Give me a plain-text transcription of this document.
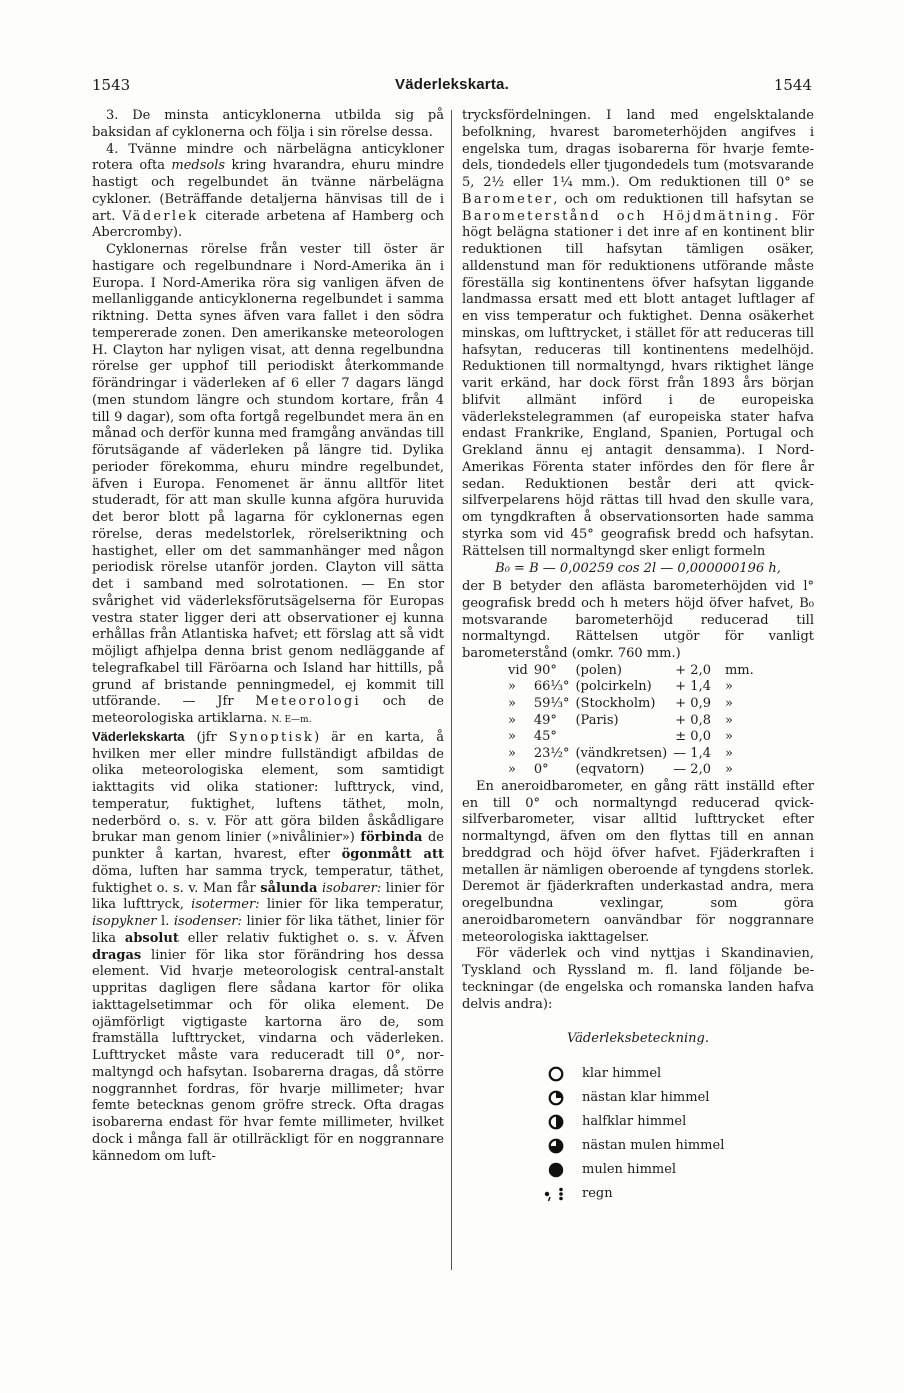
1543	Väderlekskarta.	1544

3. De minsta anticyklonerna utbilda sig på baksidan af cyklonerna och följa i sin rörelse dessa.

4. Tvänne mindre och närbelägna anticykloner rotera ofta medsols kring hvarandra, ehuru mindre hastigt och regelbundet än tvänne närbelägna cykloner. (Beträffande detaljerna hänvisas till de i art. Väderlek citerade arbetena af Hamberg och Abercromby).

Cyklonernas rörelse från vester till öster är hastigare och regelbundnare i Nord-Amerika än i Europa. I Nord-Amerika röra sig vanligen äfven de mellanliggande anticyklonerna regelbundet i samma riktning. Detta synes äfven vara fallet i den södra tempererade zonen. Den amerikanske meteorologen H. Clayton har nyligen visat, att denna regelbundna rörelse ger upphof till periodiskt återkommande förändringar i väderleken af 6 eller 7 dagars längd (men stundom längre och stundom kortare, från 4 till 9 dagar), som ofta fortgå regelbundet mera än en månad och derför kunna med framgång användas till förutsägande af väderleken på längre tid. Dylika perioder förekomma, ehuru mindre regelbundet, äfven i Europa. Fenomenet är ännu alltför litet studeradt, för att man skulle kunna afgöra huruvida det beror blott på lagarna för cyklonernas egen rörelse, deras medelstorlek, rörelseriktning och hastighet, eller om det sammanhänger med någon periodisk rörelse utanför jorden. Clayton vill sätta det i samband med solrotationen. — En stor svårighet vid väderleksförutsägelserna för Europas vestra stater ligger deri att observationer ej kunna erhållas från Atlantiska hafvet; ett förslag att så vidt möjligt afhjelpa denna brist genom nedläggande af telegrafkabel till Färöarna och Island har hittills, på grund af bristande penningmedel, ej kommit till utförande. — Jfr Meteorologi och de meteorologiska artiklarna. N. E—m.

Väderlekskarta (jfr Synoptisk) är en karta, å hvilken mer eller mindre fullständigt afbildas de olika meteorologiska element, som samtidigt iakttagits vid olika stationer: lufttryck, vind, temperatur, fuktighet, luftens täthet, moln, nederbörd o. s. v. För att göra bilden åskådligare brukar man genom linier (»nivålinier») förbinda de punkter å kartan, hvarest, efter ögonmått att döma, luften har samma tryck, temperatur, täthet, fuktighet o. s. v. Man får sålunda isobarer: linier för lika lufttryck, isotermer: linier för lika temperatur, isopykner l. isodenser: linier för lika täthet, linier för lika absolut eller relativ fuktighet o. s. v. Äfven dragas linier för lika stor förändring hos dessa element. Vid hvarje meteorologisk central-anstalt uppritas dagligen flere sådana kartor för olika iakttagelsetimmar och för olika element. De ojämförligt vigtigaste kartorna äro de, som framställa lufttrycket, vindarna och väderleken. Lufttrycket måste vara reduceradt till 0°, normaltyngd och hafsytan. Isobarerna dragas, då större noggrannhet fordras, för hvarje millimeter; hvar femte betecknas genom gröfre streck. Ofta dragas isobarerna endast för hvar femte millimeter, hvilket dock i många fall är otillräckligt för en noggrannare kännedom om luft-

trycksfördelningen. I land med engelsktalande befolkning, hvarest barometerhöjden angifves i engelska tum, dragas isobarerna för hvarje femtedels, tiondedels eller tjugondedels tum (motsvarande 5, 2½ eller 1¼ mm.). Om reduktionen till 0° se Barometer, och om reduktionen till hafsytan se Barometerstånd och Höjdmätning. För högt belägna stationer i det inre af en kontinent blir reduktionen till hafsytan tämligen osäker, alldenstund man för reduktionens utförande måste föreställa sig kontinentens öfver hafsytan liggande landmassa ersatt med ett blott antaget luftlager af en viss temperatur och fuktighet. Denna osäkerhet minskas, om lufttrycket, i stället för att reduceras till hafsytan, reduceras till kontinentens medelhöjd. Reduktionen till normaltyngd, hvars riktighet länge varit erkänd, har dock först från 1893 års början blifvit allmänt införd i de europeiska väderlekstelegrammen (af europeiska stater hafva endast Frankrike, England, Spanien, Portugal och Grekland ännu ej antagit densamma). I Nord-Amerikas Förenta stater infördes den för flere år sedan. Reduktionen består deri att qvicksilfverpelarens höjd rättas till hvad den skulle vara, om tyngdkraften å observationsorten hade samma styrka som vid 45° geografisk bredd och hafsytan. Rättelsen till normaltyngd sker enligt formeln

B₀ = B — 0,00259 cos 2l — 0,000000196 h,

der B betyder den aflästa barometerhöjden vid l° geografisk bredd och h meters höjd öfver hafvet, B₀ motsvarande barometerhöjd reducerad till normaltyngd. Rättelsen utgör för vanligt barometerstånd (omkr. 760 mm.)

vid	90°	(polen)	+ 2,0	mm.
»	66⅓°	(polcirkeln)	+ 1,4	»
»	59⅓°	(Stockholm)	+ 0,9	»
»	49°	(Paris)	+ 0,8	»
»	45°		± 0,0	»
»	23½°	(vändkretsen)	— 1,4	»
»	0°	(eqvatorn)	— 2,0	»

En aneroidbarometer, en gång rätt inställd efter en till 0° och normaltyngd reducerad qvicksilfverbarometer, visar alltid lufttrycket efter normaltyngd, äfven om den flyttas till en annan breddgrad och höjd öfver hafvet. Fjäderkraften i metallen är nämligen oberoende af tyngdens storlek. Deremot är fjäderkraften underkastad andra, mera oregelbundna vexlingar, som göra aneroidbarometern oanvändbar för noggrannare meteorologiska iakttagelser.

För väderlek och vind nyttjas i Skandinavien, Tyskland och Ryssland m. fl. land följande beteckningar (de engelska och romanska landen hafva delvis andra):

Väderleksbeteckning.
klar himmel
nästan klar himmel
halfklar himmel
nästan mulen himmel
mulen himmel
regn
